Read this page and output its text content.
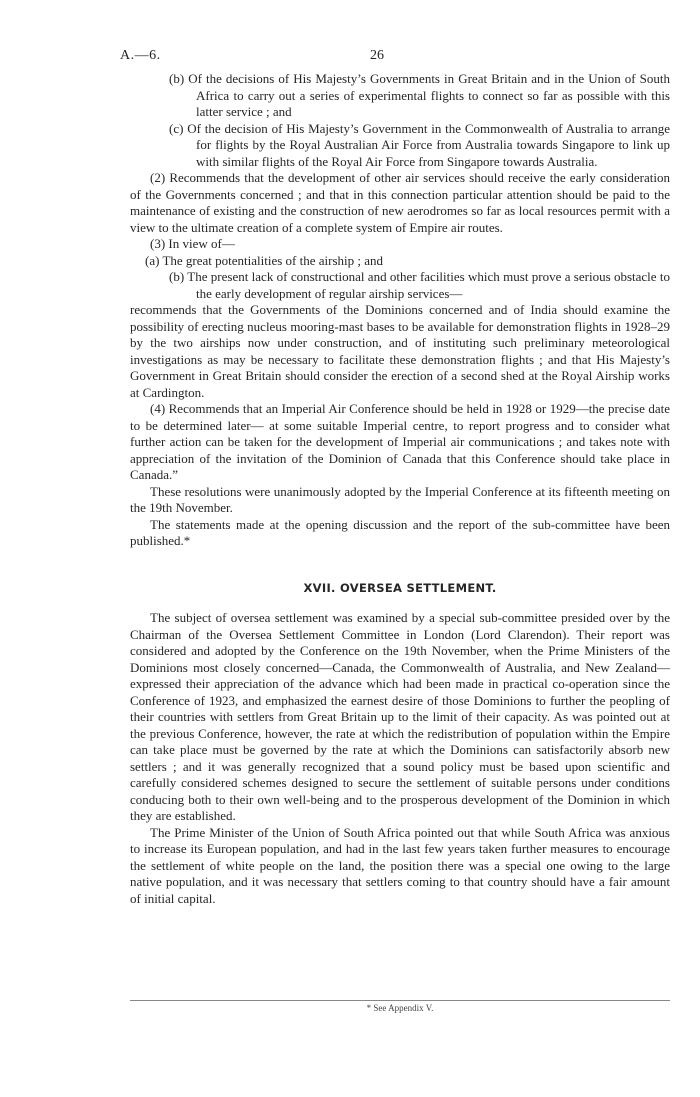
A.—6.	26

(b) Of the decisions of His Majesty’s Governments in Great Britain and in the Union of South Africa to carry out a series of experimental flights to connect so far as possible with this latter service ; and

(c) Of the decision of His Majesty’s Government in the Commonwealth of Australia to arrange for flights by the Royal Australian Air Force from Australia towards Singapore to link up with similar flights of the Royal Air Force from Singapore towards Australia.

(2) Recommends that the development of other air services should receive the early consideration of the Governments concerned ; and that in this connection particular attention should be paid to the maintenance of existing and the construction of new aerodromes so far as local resources permit with a view to the ultimate creation of a complete system of Empire air routes.

(3) In view of—

(a) The great potentialities of the airship ; and

(b) The present lack of constructional and other facilities which must prove a serious obstacle to the early development of regular airship services—

recommends that the Governments of the Dominions concerned and of India should examine the possibility of erecting nucleus mooring-mast bases to be available for demonstration flights in 1928–29 by the two airships now under construction, and of instituting such preliminary meteorological investigations as may be necessary to facilitate these demonstration flights ; and that His Majesty’s Government in Great Britain should consider the erection of a second shed at the Royal Airship works at Cardington.

(4) Recommends that an Imperial Air Conference should be held in 1928 or 1929—the precise date to be determined later— at some suitable Imperial centre, to report progress and to consider what further action can be taken for the development of Imperial air communications ; and takes note with appreciation of the invitation of the Dominion of Canada that this Conference should take place in Canada.”

These resolutions were unanimously adopted by the Imperial Conference at its fifteenth meeting on the 19th November.

The statements made at the opening discussion and the report of the sub-committee have been published.*

XVII. OVERSEA SETTLEMENT.

The subject of oversea settlement was examined by a special sub-committee presided over by the Chairman of the Oversea Settlement Committee in London (Lord Clarendon). Their report was considered and adopted by the Conference on the 19th November, when the Prime Ministers of the Dominions most closely concerned—Canada, the Commonwealth of Australia, and New Zealand—expressed their appreciation of the advance which had been made in practical co-operation since the Conference of 1923, and emphasized the earnest desire of those Dominions to further the peopling of their countries with settlers from Great Britain up to the limit of their capacity. As was pointed out at the previous Conference, however, the rate at which the redistribution of population within the Empire can take place must be governed by the rate at which the Dominions can satisfactorily absorb new settlers ; and it was generally recognized that a sound policy must be based upon scientific and carefully considered schemes designed to secure the settlement of suitable persons under conditions conducing both to their own well-being and to the prosperous development of the Dominion in which they are established.

The Prime Minister of the Union of South Africa pointed out that while South Africa was anxious to increase its European population, and had in the last few years taken further measures to encourage the settlement of white people on the land, the position there was a special one owing to the large native population, and it was necessary that settlers coming to that country should have a fair amount of initial capital.

* See Appendix V.
